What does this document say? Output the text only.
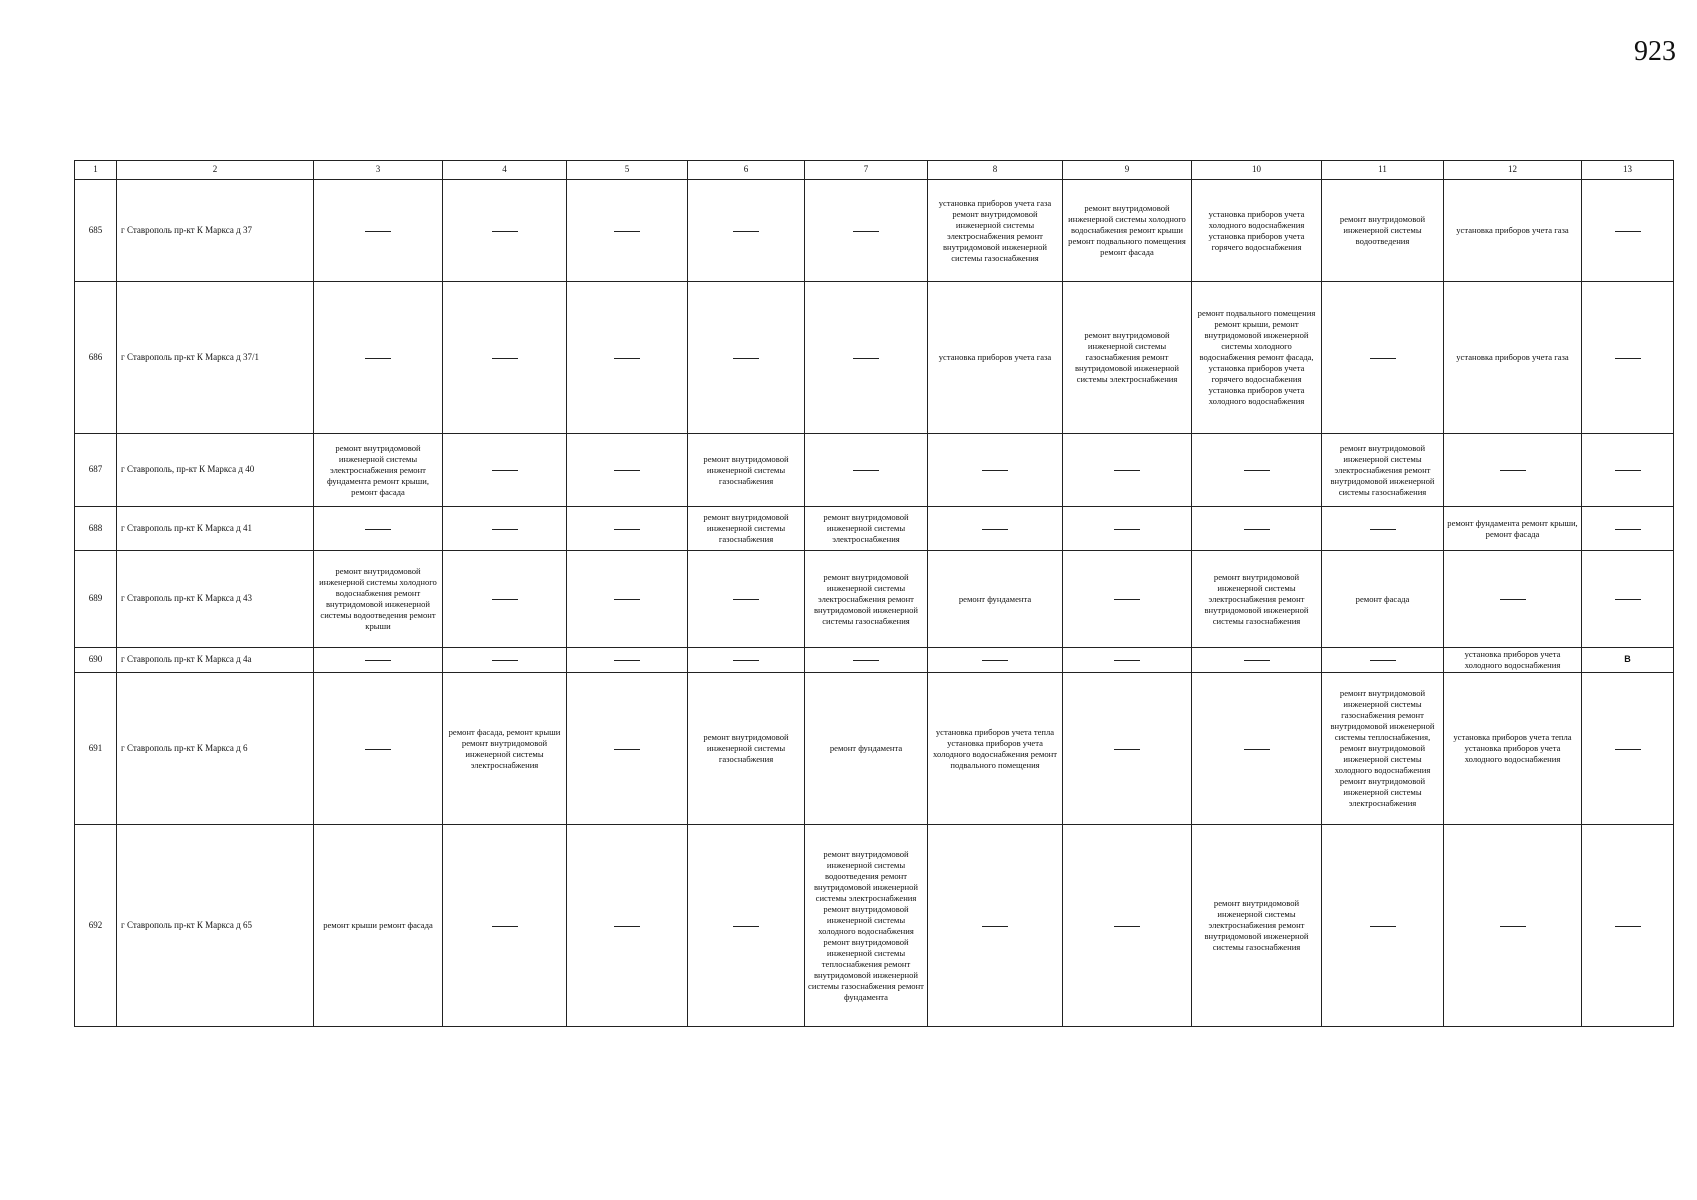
923
1	2	3	4	5	6	7	8	9	10	11	12	13
685	г Ставрополь пр-кт К Маркса д 37						установка приборов учета газа ремонт внутридомовой инженерной системы электроснабжения ремонт внутридомовой инженерной системы газоснабжения	ремонт внутридомовой инженерной системы холодного водоснабжения ремонт крыши ремонт подвального помещения ремонт фасада	установка приборов учета холодного водоснабжения установка приборов учета горячего водоснабжения	ремонт внутридомовой инженерной системы водоотведения	установка приборов учета газа	
686	г Ставрополь пр-кт К Маркса д 37/1						установка приборов учета газа	ремонт внутридомовой инженерной системы газоснабжения ремонт внутридомовой инженерной системы электроснабжения	ремонт подвального помещения ремонт крыши, ремонт внутридомовой инженерной системы холодного водоснабжения ремонт фасада, установка приборов учета горячего водоснабжения установка приборов учета холодного водоснабжения		установка приборов учета газа	
687	г Ставрополь, пр-кт К Маркса д 40	ремонт внутридомовой инженерной системы электроснабжения ремонт фундамента ремонт крыши, ремонт фасада			ремонт внутридомовой инженерной системы газоснабжения					ремонт внутридомовой инженерной системы электроснабжения ремонт внутридомовой инженерной системы газоснабжения		
688	г Ставрополь пр-кт К Маркса д 41				ремонт внутридомовой инженерной системы газоснабжения	ремонт внутридомовой инженерной системы электроснабжения					ремонт фундамента ремонт крыши, ремонт фасада	
689	г Ставрополь пр-кт К Маркса д 43	ремонт внутридомовой инженерной системы холодного водоснабжения ремонт внутридомовой инженерной системы водоотведения ремонт крыши				ремонт внутридомовой инженерной системы электроснабжения ремонт внутридомовой инженерной системы газоснабжения	ремонт фундамента		ремонт внутридомовой инженерной системы электроснабжения ремонт внутридомовой инженерной системы газоснабжения	ремонт фасада		
690	г Ставрополь пр-кт К Маркса д 4а										установка приборов учета холодного водоснабжения	В
691	г Ставрополь пр-кт К Маркса д 6		ремонт фасада, ремонт крыши ремонт внутридомовой инженерной системы электроснабжения		ремонт внутридомовой инженерной системы газоснабжения	ремонт фундамента	установка приборов учета тепла установка приборов учета холодного водоснабжения ремонт подвального помещения			ремонт внутридомовой инженерной системы газоснабжения ремонт внутридомовой инженерной системы теплоснабжения, ремонт внутридомовой инженерной системы холодного водоснабжения ремонт внутридомовой инженерной системы электроснабжения	установка приборов учета тепла установка приборов учета холодного водоснабжения	
692	г Ставрополь пр-кт К Маркса д 65	ремонт крыши ремонт фасада				ремонт внутридомовой инженерной системы водоотведения ремонт внутридомовой инженерной системы электроснабжения ремонт внутридомовой инженерной системы холодного водоснабжения ремонт внутридомовой инженерной системы теплоснабжения ремонт внутридомовой инженерной системы газоснабжения ремонт фундамента			ремонт внутридомовой инженерной системы электроснабжения ремонт внутридомовой инженерной системы газоснабжения			
